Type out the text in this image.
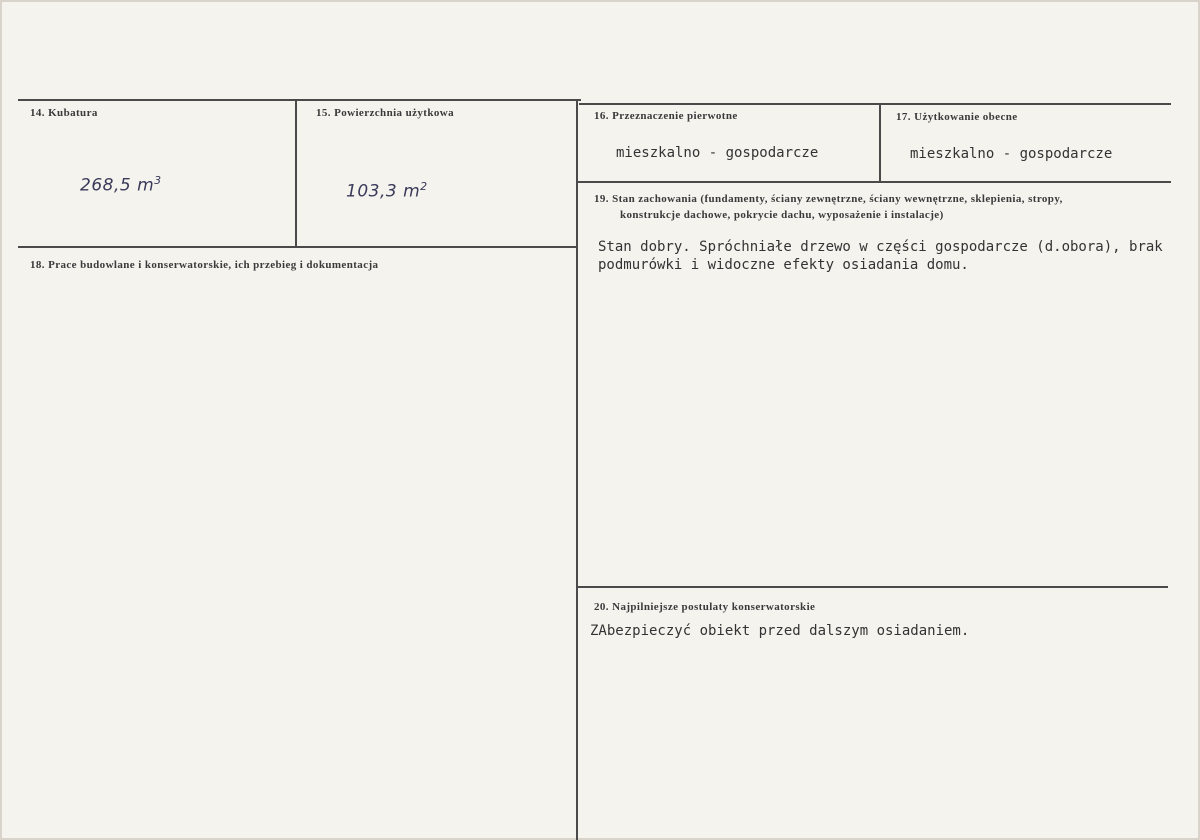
14. Kubatura
268,5 $m^3$
15. Powierzchnia użytkowa
103,3 $m^2$
16. Przeznaczenie pierwotne
mieszkalno - gospodarcze
17. Użytkowanie obecne
mieszkalno - gospodarcze
18. Prace budowlane i konserwatorskie, ich przebieg i dokumentacja
19. Stan zachowania (fundamenty, ściany zewnętrzne, ściany wewnętrzne, sklepienia, stropy,
konstrukcje dachowe, pokrycie dachu, wyposażenie i instalacje)
Stan dobry. Spróchniałe drzewo w części gospodarcze (d.obora), brak
podmurówki i widoczne efekty osiadania domu.
20. Najpilniejsze postulaty konserwatorskie
ZAbezpieczyć obiekt przed dalszym osiadaniem.
